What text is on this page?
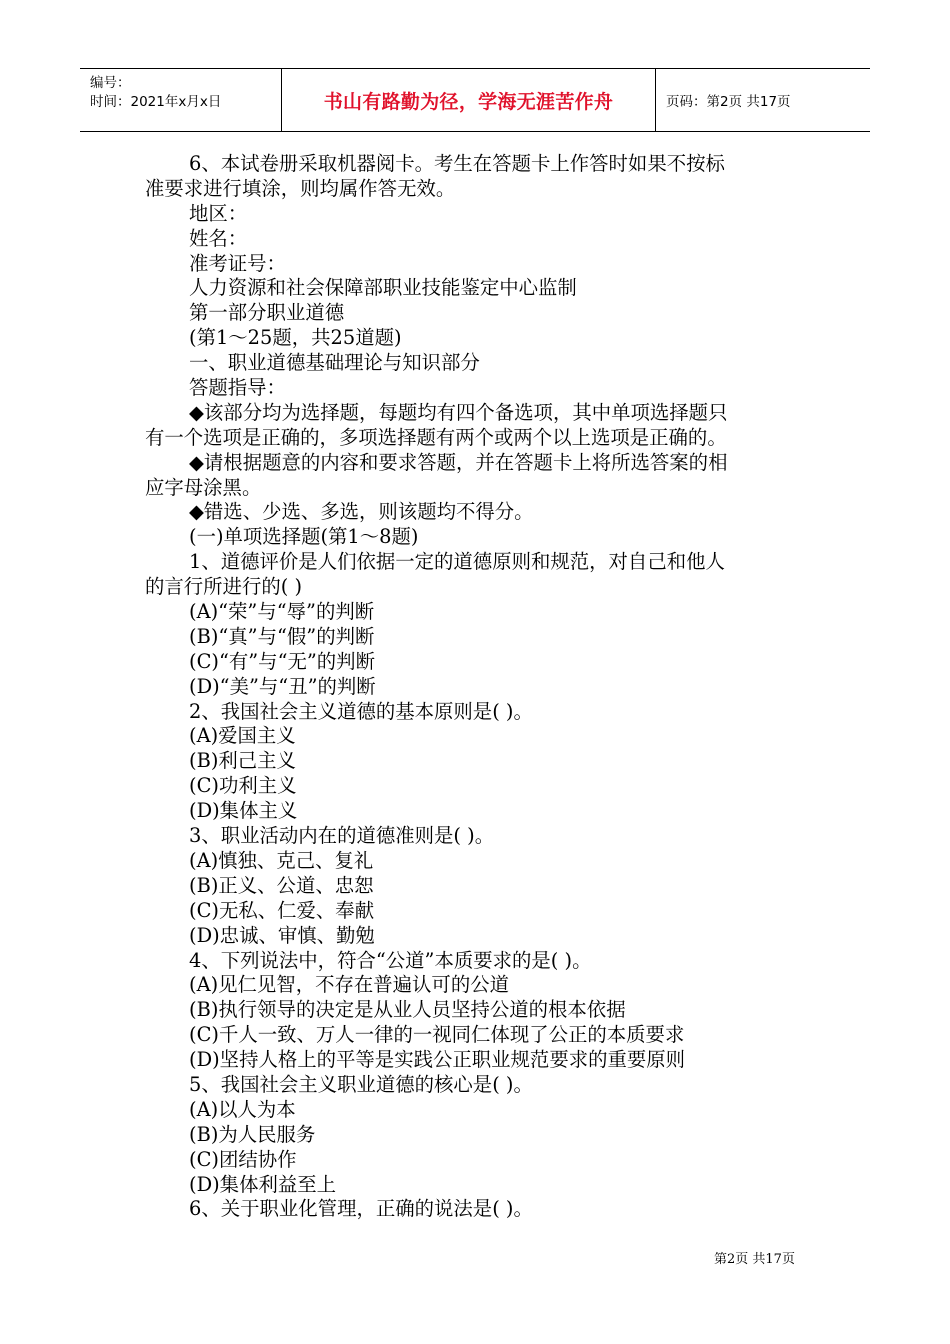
编号：
时间：2021年x月x日	书山有路勤为径，学海无涯苦作舟	页码：第2页 共17页
6、本试卷册采取机器阅卡。考生在答题卡上作答时如果不按标
准要求进行填涂，则均属作答无效。
地区：
姓名：
准考证号：
人力资源和社会保障部职业技能鉴定中心监制
第一部分职业道德
(第1～25题，共25道题)
一、职业道德基础理论与知识部分
答题指导：
◆该部分均为选择题，每题均有四个备选项，其中单项选择题只
有一个选项是正确的，多项选择题有两个或两个以上选项是正确的。
◆请根据题意的内容和要求答题，并在答题卡上将所选答案的相
应字母涂黑。
◆错选、少选、多选，则该题均不得分。
(一)单项选择题(第1～8题)
1、道德评价是人们依据一定的道德原则和规范，对自己和他人
的言行所进行的( )
(A)“荣”与“辱”的判断
(B)“真”与“假”的判断
(C)“有”与“无”的判断
(D)“美”与“丑”的判断
2、我国社会主义道德的基本原则是( )。
(A)爱国主义
(B)利己主义
(C)功利主义
(D)集体主义
3、职业活动内在的道德准则是( )。
(A)慎独、克己、复礼
(B)正义、公道、忠恕
(C)无私、仁爱、奉献
(D)忠诚、审慎、勤勉
4、下列说法中，符合“公道”本质要求的是( )。
(A)见仁见智，不存在普遍认可的公道
(B)执行领导的决定是从业人员坚持公道的根本依据
(C)千人一致、万人一律的一视同仁体现了公正的本质要求
(D)坚持人格上的平等是实践公正职业规范要求的重要原则
5、我国社会主义职业道德的核心是( )。
(A)以人为本
(B)为人民服务
(C)团结协作
(D)集体利益至上
6、关于职业化管理，正确的说法是( )。
第2页 共17页
